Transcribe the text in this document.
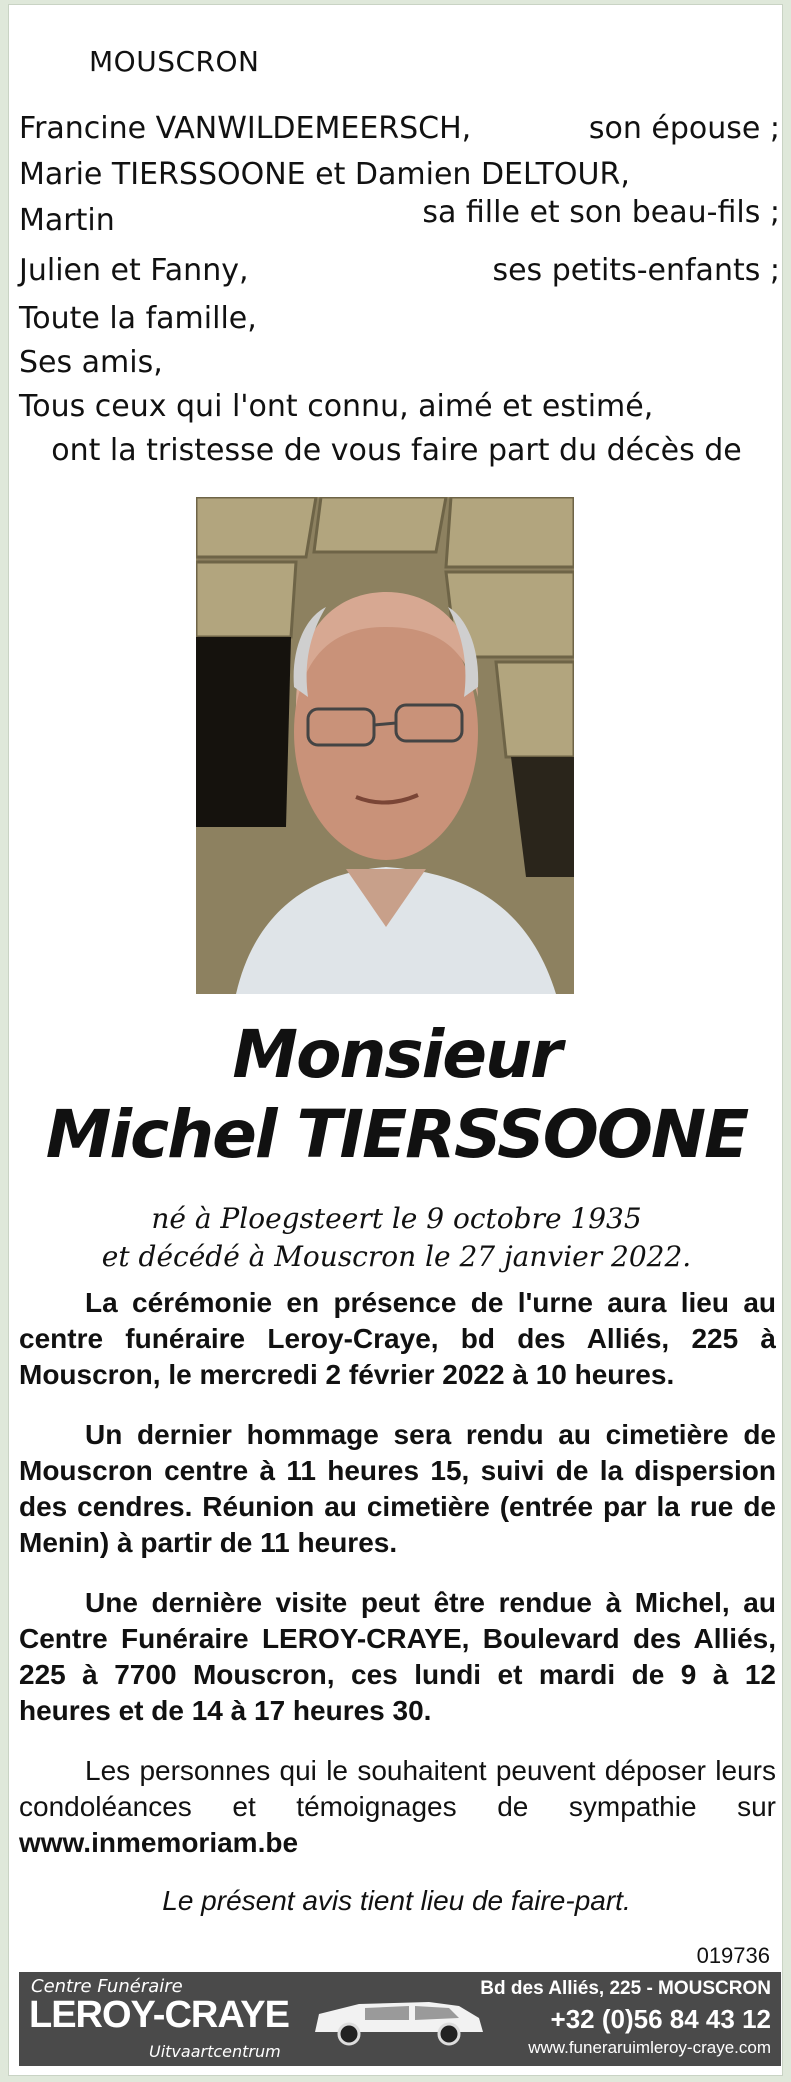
MOUSCRON
Francine VANWILDEMEERSCH,	son épouse ;
Marie TIERSSOONE et Damien DELTOUR,
Martin	sa fille et son beau-fils ;
Julien et Fanny,	ses petits-enfants ;
Toute la famille,
Ses amis,
Tous ceux qui l'ont connu, aimé et estimé,
ont la tristesse de vous faire part du décès de
Monsieur
Michel TIERSSOONE
né à Ploegsteert le 9 octobre 1935
et décédé à Mouscron le 27 janvier 2022.
La cérémonie en présence de l'urne aura lieu au centre funéraire Leroy-Craye, bd des Alliés, 225 à Mouscron, le mercredi 2 février 2022 à 10 heures.
Un dernier hommage sera rendu au cimetière de Mouscron centre à 11 heures 15, suivi de la dispersion des cendres. Réunion au cimetière (entrée par la rue de Menin) à partir de 11 heures.
Une dernière visite peut être rendue à Michel, au Centre Funéraire LEROY-CRAYE, Boulevard des Alliés, 225 à 7700 Mouscron, ces lundi et mardi de 9 à 12 heures et de 14 à 17 heures 30.
Les personnes qui le souhaitent peuvent déposer leurs condoléances et témoignages de sympathie sur www.inmemoriam.be
Le présent avis tient lieu de faire-part.
019736
Centre Funéraire
LEROY-CRAYE
Uitvaartcentrum
Bd des Alliés, 225 - MOUSCRON
+32 (0)56 84 43 12
www.funeraruimleroy-craye.com
